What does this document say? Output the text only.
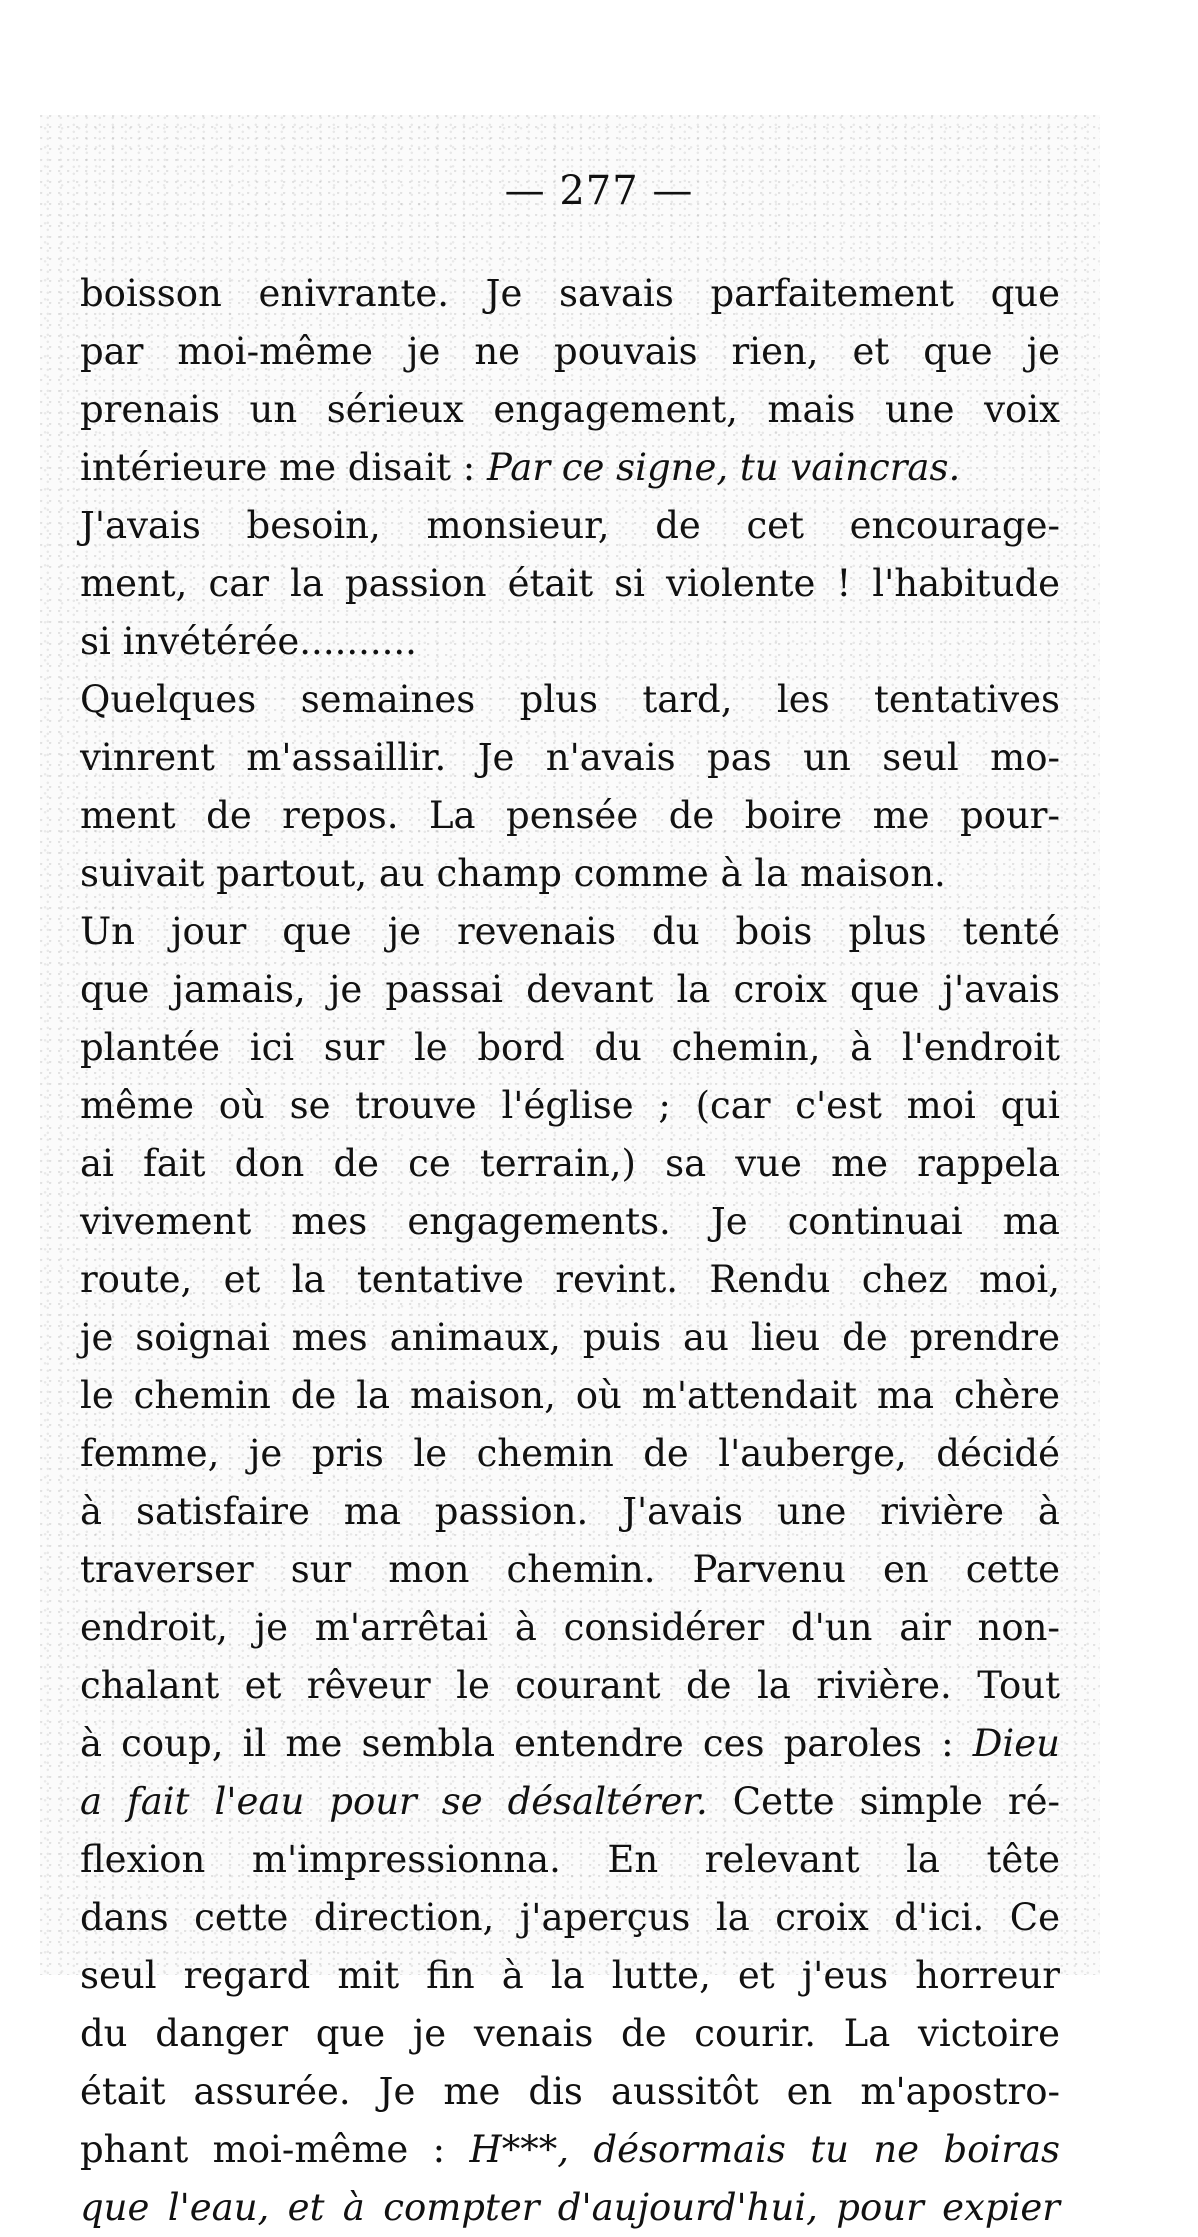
— 277 —
boisson enivrante. Je savais parfaitement que
par moi-même je ne pouvais rien, et que je
prenais un sérieux engagement, mais une voix
intérieure me disait : Par ce signe, tu vaincras.
J'avais besoin, monsieur, de cet encourage-
ment, car la passion était si violente ! l'habitude
si invétérée..........
Quelques semaines plus tard, les tentatives
vinrent m'assaillir. Je n'avais pas un seul mo-
ment de repos. La pensée de boire me pour-
suivait partout, au champ comme à la maison.
Un jour que je revenais du bois plus tenté
que jamais, je passai devant la croix que j'avais
plantée ici sur le bord du chemin, à l'endroit
même où se trouve l'église ; (car c'est moi qui
ai fait don de ce terrain,) sa vue me rappela
vivement mes engagements. Je continuai ma
route, et la tentative revint. Rendu chez moi,
je soignai mes animaux, puis au lieu de prendre
le chemin de la maison, où m'attendait ma chère
femme, je pris le chemin de l'auberge, décidé
à satisfaire ma passion. J'avais une rivière à
traverser sur mon chemin. Parvenu en cette
endroit, je m'arrêtai à considérer d'un air non-
chalant et rêveur le courant de la rivière. Tout
à coup, il me sembla entendre ces paroles : Dieu
a fait l'eau pour se désaltérer. Cette simple ré-
flexion m'impressionna. En relevant la tête
dans cette direction, j'aperçus la croix d'ici. Ce
seul regard mit fin à la lutte, et j'eus horreur
du danger que je venais de courir. La victoire
était assurée. Je me dis aussitôt en m'apostro-
phant moi-même : H***, désormais tu ne boiras
que l'eau, et à compter d'aujourd'hui, pour expier
